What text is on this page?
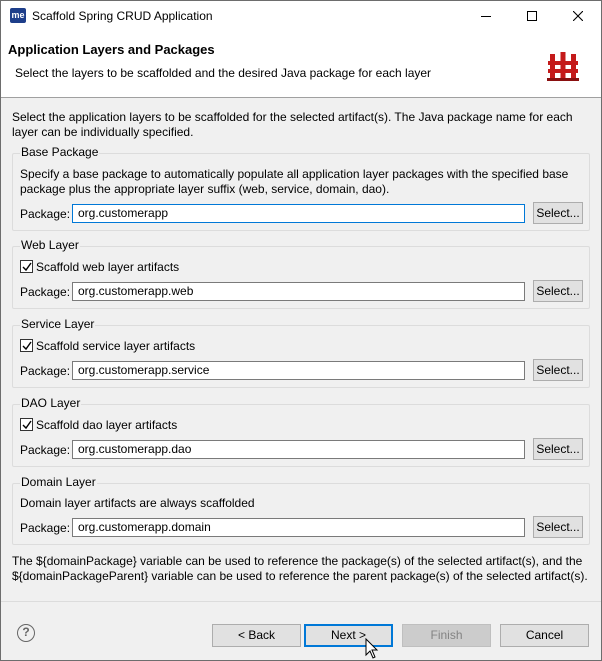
me Scaffold Spring CRUD Application
Application Layers and Packages
Select the layers to be scaffolded and the desired Java package for each layer
Select the application layers to be scaffolded for the selected artifact(s). The Java package name for each layer can be individually specified.
Base Package
Specify a base package to automatically populate all application layer packages with the specified base package plus the appropriate layer suffix (web, service, domain, dao).
Package: org.customerapp	Select...
Web Layer
Scaffold web layer artifacts
Package: org.customerapp.web	Select...
Service Layer
Scaffold service layer artifacts
Package: org.customerapp.service	Select...
DAO Layer
Scaffold dao layer artifacts
Package: org.customerapp.dao	Select...
Domain Layer
Domain layer artifacts are always scaffolded
Package: org.customerapp.domain	Select...
The ${domainPackage} variable can be used to reference the package(s) of the selected artifact(s), and the ${domainPackageParent} variable can be used to reference the parent package(s) of the selected artifact(s).
?	< Back	Next >	Finish	Cancel
